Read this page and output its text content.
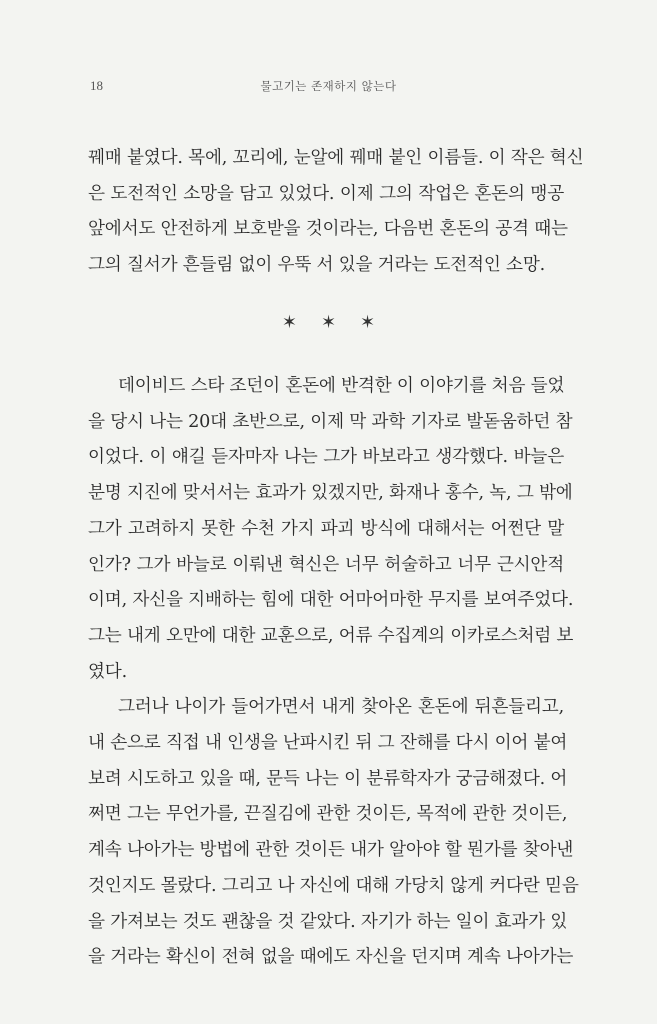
18	물고기는 존재하지 않는다
꿰매 붙였다. 목에, 꼬리에, 눈알에 꿰매 붙인 이름들. 이 작은 혁신
은 도전적인 소망을 담고 있었다. 이제 그의 작업은 혼돈의 맹공
앞에서도 안전하게 보호받을 것이라는, 다음번 혼돈의 공격 때는
그의 질서가 흔들림 없이 우뚝 서 있을 거라는 도전적인 소망.
✶✶✶
데이비드 스타 조던이 혼돈에 반격한 이 이야기를 처음 들었
을 당시 나는 20대 초반으로, 이제 막 과학 기자로 발돋움하던 참
이었다. 이 얘길 듣자마자 나는 그가 바보라고 생각했다. 바늘은
분명 지진에 맞서서는 효과가 있겠지만, 화재나 홍수, 녹, 그 밖에
그가 고려하지 못한 수천 가지 파괴 방식에 대해서는 어쩐단 말
인가? 그가 바늘로 이뤄낸 혁신은 너무 허술하고 너무 근시안적
이며, 자신을 지배하는 힘에 대한 어마어마한 무지를 보여주었다.
그는 내게 오만에 대한 교훈으로, 어류 수집계의 이카로스처럼 보
였다.
그러나 나이가 들어가면서 내게 찾아온 혼돈에 뒤흔들리고,
내 손으로 직접 내 인생을 난파시킨 뒤 그 잔해를 다시 이어 붙여
보려 시도하고 있을 때, 문득 나는 이 분류학자가 궁금해졌다. 어
쩌면 그는 무언가를, 끈질김에 관한 것이든, 목적에 관한 것이든,
계속 나아가는 방법에 관한 것이든 내가 알아야 할 뭔가를 찾아낸
것인지도 몰랐다. 그리고 나 자신에 대해 가당치 않게 커다란 믿음
을 가져보는 것도 괜찮을 것 같았다. 자기가 하는 일이 효과가 있
을 거라는 확신이 전혀 없을 때에도 자신을 던지며 계속 나아가는
